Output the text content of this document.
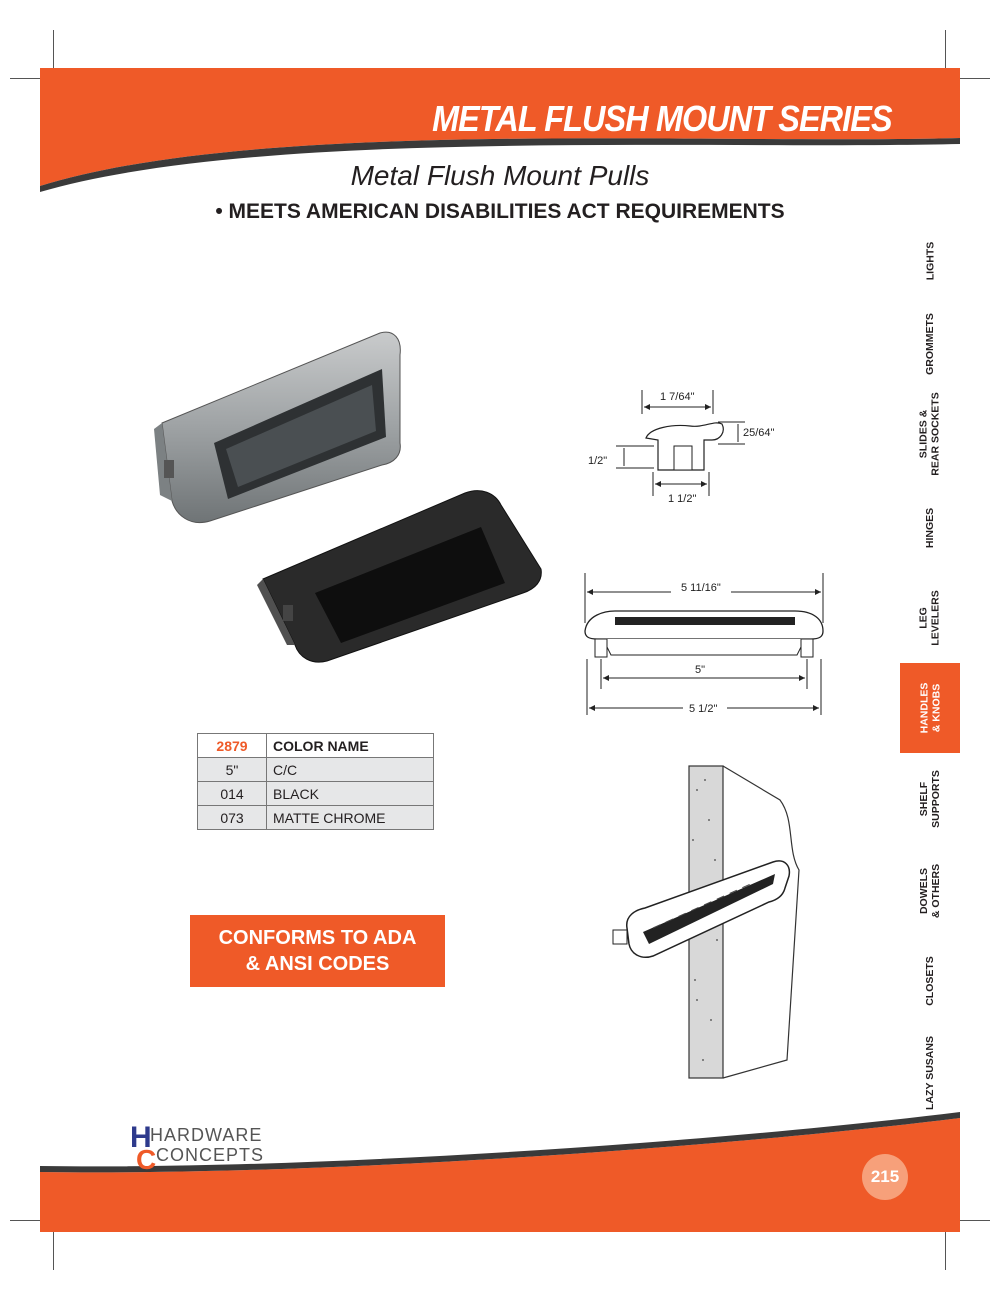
METAL FLUSH MOUNT SERIES
Metal Flush Mount Pulls
• MEETS AMERICAN DISABILITIES ACT REQUIREMENTS
LIGHTS
GROMMETS
SLIDES &
REAR SOCKETS
HINGES
LEG
LEVELERS
HANDLES
& KNOBS
SHELF
SUPPORTS
DOWELS
& OTHERS
CLOSETS
LAZY SUSANS
1 7/64"
25/64"
1/2"
1 1/2"
5 11/16"
5"
5 1/2"
2879	COLOR NAME
5"	C/C
014	BLACK
073	MATTE CHROME
CONFORMS TO ADA
& ANSI CODES
H
C
HARDWARE
CONCEPTS
215
